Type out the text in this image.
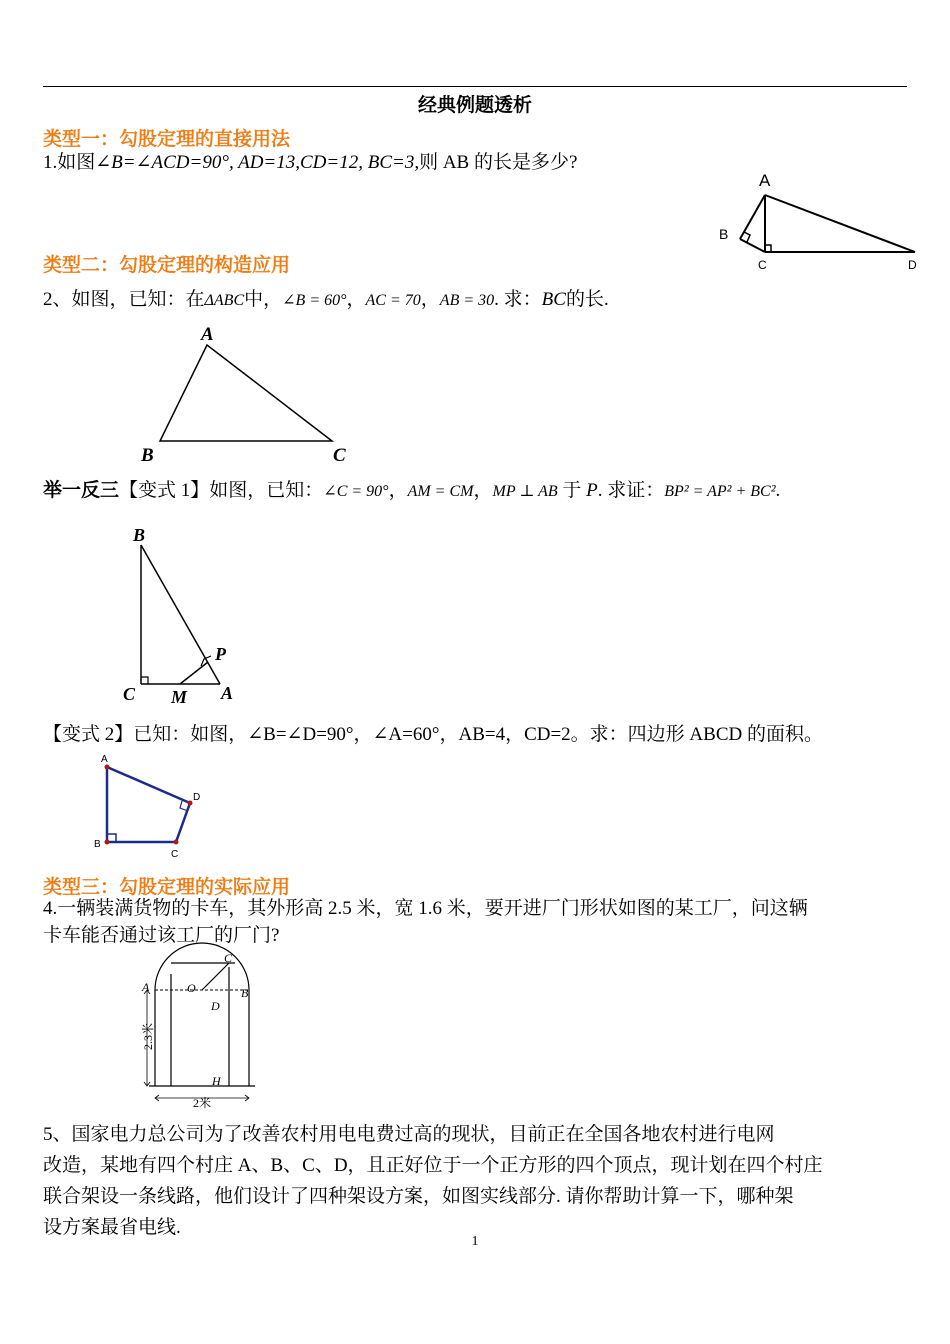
经典例题透析
类型一：勾股定理的直接用法
1.如图∠B=∠ACD=90°, AD=13,CD=12, BC=3,则 AB 的长是多少?
A
B
C	D
类型二：勾股定理的构造应用
2、如图，已知：在ΔABC中，∠B = 60°，AC = 70，AB = 30. 求：BC的长.
A
B	C
举一反三【变式 1】如图，已知：∠C = 90°，AM = CM，MP ⊥ AB 于 P. 求证：BP² = AP² + BC².
B
P
C M A
【变式 2】已知：如图，∠B=∠D=90°，∠A=60°，AB=4，CD=2。求：四边形 ABCD 的面积。
A
D
B
C
类型三：勾股定理的实际应用
4.一辆装满货物的卡车，其外形高 2.5 米，宽 1.6 米，要开进厂门形状如图的某工厂，问这辆
卡车能否通过该工厂的厂门?
A	O
C
B
D
H
2.3米
2米
5、国家电力总公司为了改善农村用电电费过高的现状，目前正在全国各地农村进行电网
改造，某地有四个村庄 A、B、C、D，且正好位于一个正方形的四个顶点，现计划在四个村庄
联合架设一条线路，他们设计了四种架设方案，如图实线部分. 请你帮助计算一下，哪种架
设方案最省电线.
1
